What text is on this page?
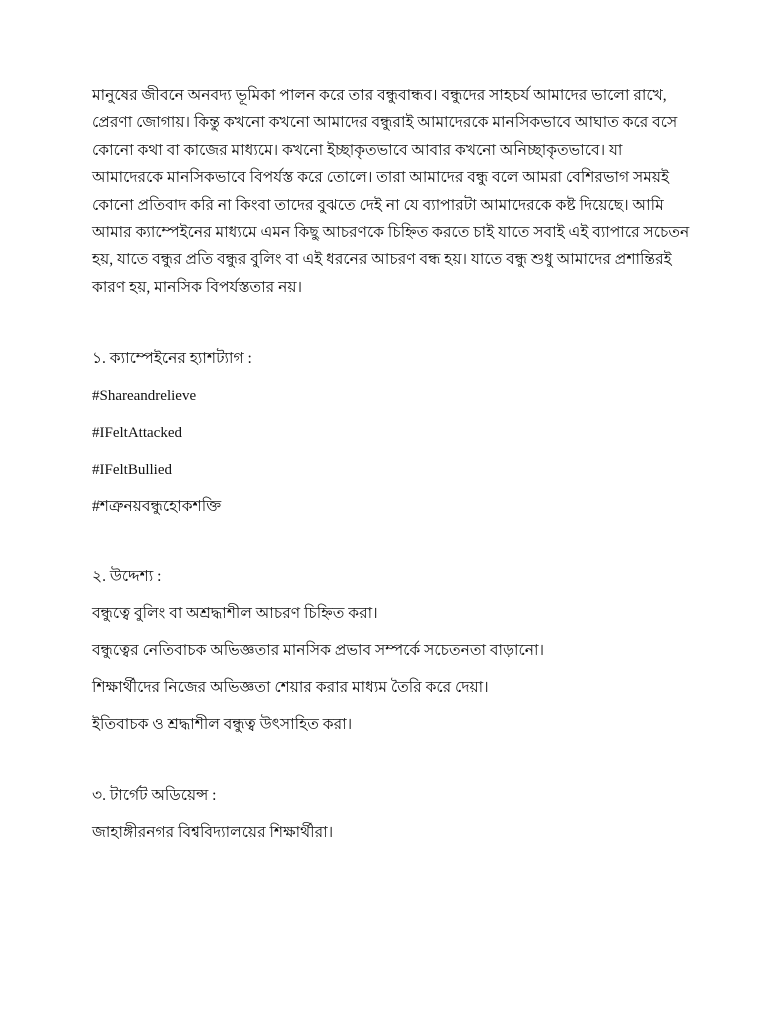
মানুষের জীবনে অনবদ্য ভূমিকা পালন করে তার বন্ধুবান্ধব। বন্ধুদের সাহচর্য আমাদের ভালো রাখে, প্রেরণা জোগায়। কিন্তু কখনো কখনো আমাদের বন্ধুরাই আমাদেরকে মানসিকভাবে আঘাত করে বসে কোনো কথা বা কাজের মাধ্যমে। কখনো ইচ্ছাকৃতভাবে আবার কখনো অনিচ্ছাকৃতভাবে। যা আমাদেরকে মানসিকভাবে বিপর্যস্ত করে তোলে। তারা আমাদের বন্ধু বলে আমরা বেশিরভাগ সময়ই কোনো প্রতিবাদ করি না কিংবা তাদের বুঝতে দেই না যে ব্যাপারটা আমাদেরকে কষ্ট দিয়েছে। আমি আমার ক্যাম্পেইনের মাধ্যমে এমন কিছু আচরণকে চিহ্নিত করতে চাই যাতে সবাই এই ব্যাপারে সচেতন হয়, যাতে বন্ধুর প্রতি বন্ধুর বুলিং বা এই ধরনের আচরণ বন্ধ হয়। যাতে বন্ধু শুধু আমাদের প্রশান্তিরই কারণ হয়, মানসিক বিপর্যস্ততার নয়।

১. ক্যাম্পেইনের হ্যাশট্যাগ :

#Shareandrelieve

#IFeltAttacked

#IFeltBullied

#শত্রুনয়বন্ধুহোকশক্তি

২. উদ্দেশ্য :

বন্ধুত্বে বুলিং বা অশ্রদ্ধাশীল আচরণ চিহ্নিত করা।

বন্ধুত্বের নেতিবাচক অভিজ্ঞতার মানসিক প্রভাব সম্পর্কে সচেতনতা বাড়ানো।

শিক্ষার্থীদের নিজের অভিজ্ঞতা শেয়ার করার মাধ্যম তৈরি করে দেয়া।

ইতিবাচক ও শ্রদ্ধাশীল বন্ধুত্ব উৎসাহিত করা।

৩. টার্গেট অডিয়েন্স :

জাহাঙ্গীরনগর বিশ্ববিদ্যালয়ের শিক্ষার্থীরা।
